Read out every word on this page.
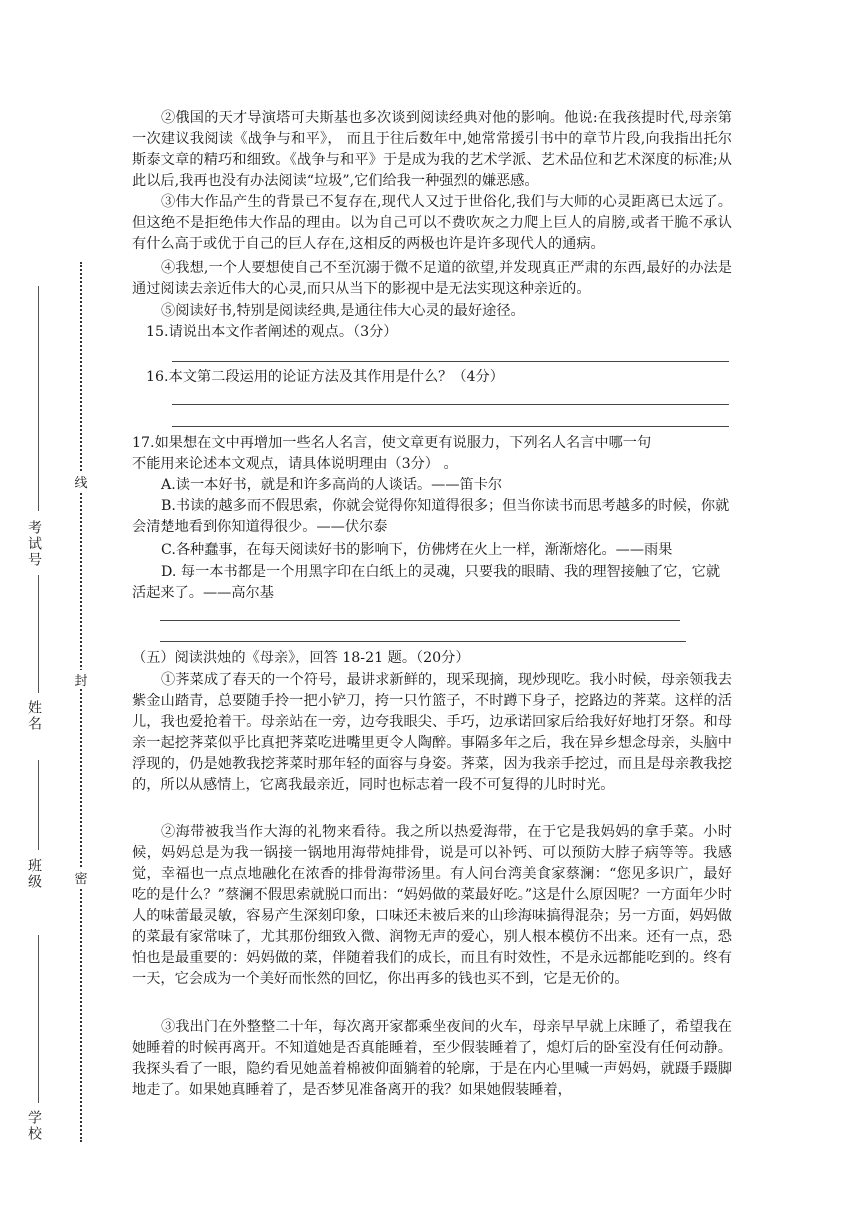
考试号
姓名
班级
学校
线
封
密

②俄国的天才导演塔可夫斯基也多次谈到阅读经典对他的影响。他说:在我孩提时代,母亲第一次建议我阅读《战争与和平》， 而且于往后数年中,她常常援引书中的章节片段,向我指出托尔斯泰文章的精巧和细致。《战争与和平》于是成为我的艺术学派、艺术品位和艺术深度的标准;从此以后,我再也没有办法阅读“垃圾”,它们给我一种强烈的嫌恶感。

③伟大作品产生的背景已不复存在,现代人又过于世俗化,我们与大师的心灵距离已太远了。但这绝不是拒绝伟大作品的理由。以为自己可以不费吹灰之力爬上巨人的肩膀,或者干脆不承认有什么高于或优于自己的巨人存在,这相反的两极也许是许多现代人的通病。

④我想,一个人要想使自己不至沉溺于微不足道的欲望,并发现真正严肃的东西,最好的办法是通过阅读去亲近伟大的心灵,而只从当下的影视中是无法实现这种亲近的。

⑤阅读好书,特别是阅读经典,是通往伟大心灵的最好途径。

15.请说出本文作者阐述的观点。（3分）

16.本文第二段运用的论证方法及其作用是什么？（4分）

17.如果想在文中再增加一些名人名言，使文章更有说服力，下列名人名言中哪一句

不能用来论述本文观点，请具体说明理由（3分） 。

A.读一本好书，就是和许多高尚的人谈话。——笛卡尔

B.书读的越多而不假思索，你就会觉得你知道得很多；但当你读书而思考越多的时候，你就会清楚地看到你知道得很少。——伏尔泰

C.各种蠢事，在每天阅读好书的影响下，仿佛烤在火上一样，渐渐熔化。——雨果

D. 每一本书都是一个用黑字印在白纸上的灵魂，只要我的眼睛、我的理智接触了它，它就活起来了。——高尔基

（五）阅读洪烛的《母亲》，回答 18-21 题。（20分）

①荠菜成了春天的一个符号，最讲求新鲜的，现采现摘，现炒现吃。我小时候，母亲领我去紫金山踏青，总要随手拎一把小铲刀，挎一只竹篮子，不时蹲下身子，挖路边的荠菜。这样的活儿，我也爱抢着干。母亲站在一旁，边夸我眼尖、手巧，边承诺回家后给我好好地打牙祭。和母亲一起挖荠菜似乎比真把荠菜吃进嘴里更令人陶醉。事隔多年之后，我在异乡想念母亲，头脑中浮现的，仍是她教我挖荠菜时那年轻的面容与身姿。荠菜，因为我亲手挖过，而且是母亲教我挖的，所以从感情上，它离我最亲近，同时也标志着一段不可复得的儿时时光。

②海带被我当作大海的礼物来看待。我之所以热爱海带，在于它是我妈妈的拿手菜。小时候，妈妈总是为我一锅接一锅地用海带炖排骨，说是可以补钙、可以预防大脖子病等等。我感觉，幸福也一点点地融化在浓香的排骨海带汤里。有人问台湾美食家蔡澜：“您见多识广，最好吃的是什么？”蔡澜不假思索就脱口而出：“妈妈做的菜最好吃。”这是什么原因呢？一方面年少时人的味蕾最灵敏，容易产生深刻印象，口味还未被后来的山珍海味搞得混杂；另一方面，妈妈做的菜最有家常味了，尤其那份细致入微、润物无声的爱心，别人根本模仿不出来。还有一点，恐怕也是最重要的：妈妈做的菜，伴随着我们的成长，而且有时效性，不是永远都能吃到的。终有一天，它会成为一个美好而怅然的回忆，你出再多的钱也买不到，它是无价的。

③我出门在外整整二十年，每次离开家都乘坐夜间的火车，母亲早早就上床睡了，希望我在她睡着的时候再离开。不知道她是否真能睡着，至少假装睡着了，熄灯后的卧室没有任何动静。我探头看了一眼，隐约看见她盖着棉被仰面躺着的轮廓，于是在内心里喊一声妈妈，就蹑手蹑脚地走了。如果她真睡着了，是否梦见准备离开的我？如果她假装睡着，
